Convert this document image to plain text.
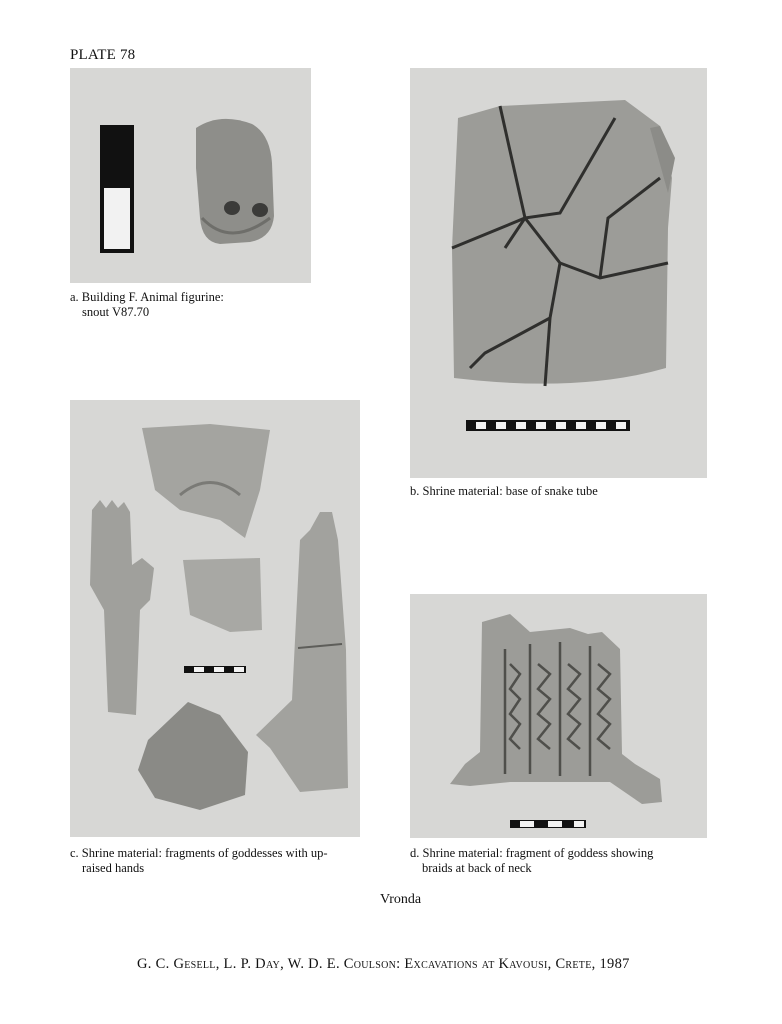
PLATE 78
a. Building F. Animal figurine:
snout V87.70
b. Shrine material: base of snake tube
c. Shrine material: fragments of goddesses with up-
raised hands
d. Shrine material: fragment of goddess showing
braids at back of neck
Vronda
G. C. Gesell, L. P. Day, W. D. E. Coulson: Excavations at Kavousi, Crete, 1987
